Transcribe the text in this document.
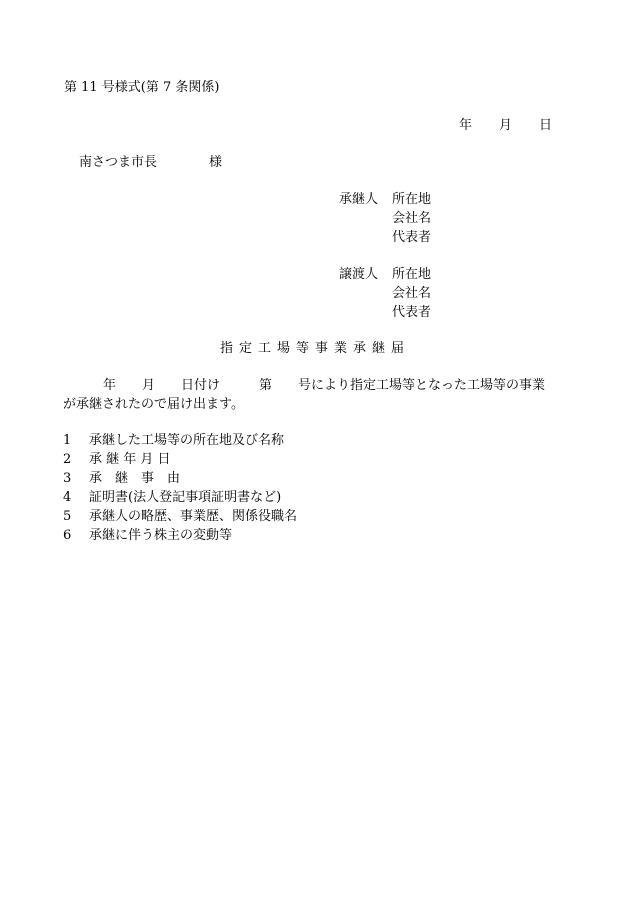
第 11 号様式(第 7 条関係)
年 月 日
南さつま市長	様
承継人 所在地
会社名
代表者
譲渡人 所在地
会社名
代表者
指定工場等事業承継届
年　　月　　日付け　　　第　　号により指定工場等となった工場等の事業
が承継されたので届け出ます。
1 承継した工場等の所在地及び名称
2 承 継 年 月 日
3 承　継　事　由
4 証明書(法人登記事項証明書など)
5 承継人の略歴、事業歴、関係役職名
6 承継に伴う株主の変動等
